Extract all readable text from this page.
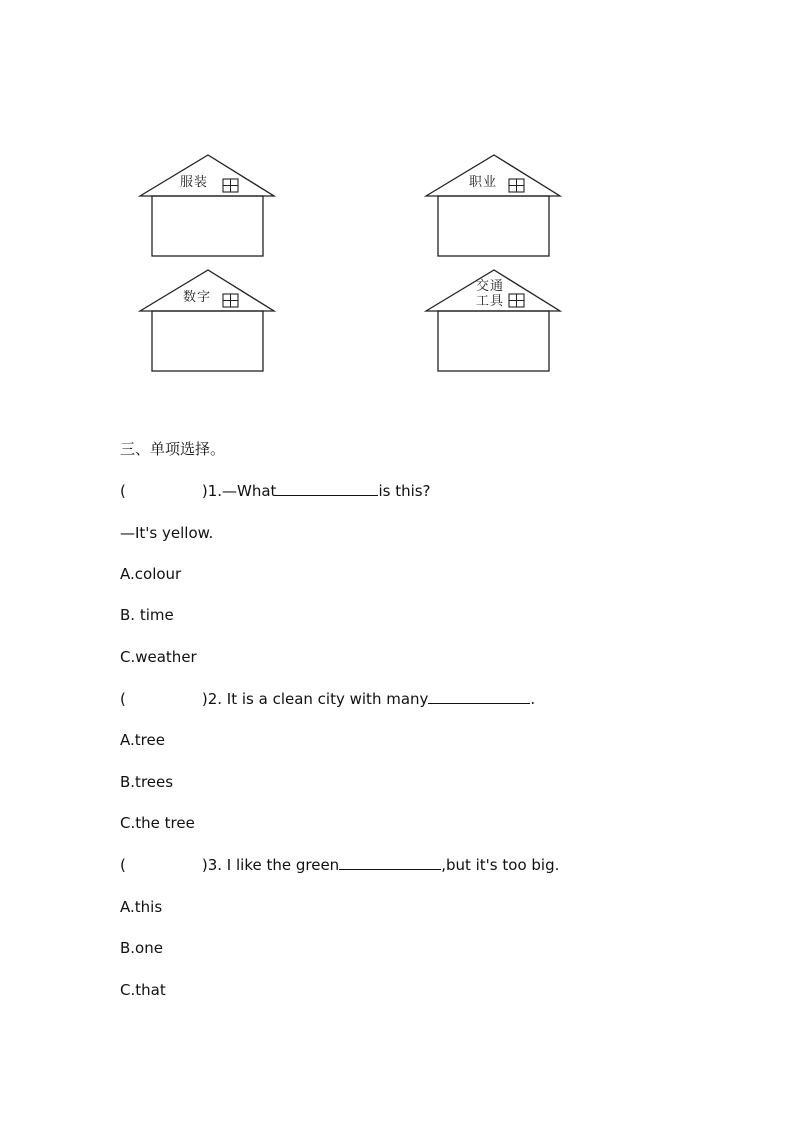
服装	职业
数字
交通
工具
三、单项选择。
(	)1.—What	is this?
—It's yellow.
A.colour
B. time
C.weather
(	)2. It is a clean city with many	.
A.tree
B.trees
C.the tree
(	)3. I like the green	,but it's too big.
A.this
B.one
C.that
